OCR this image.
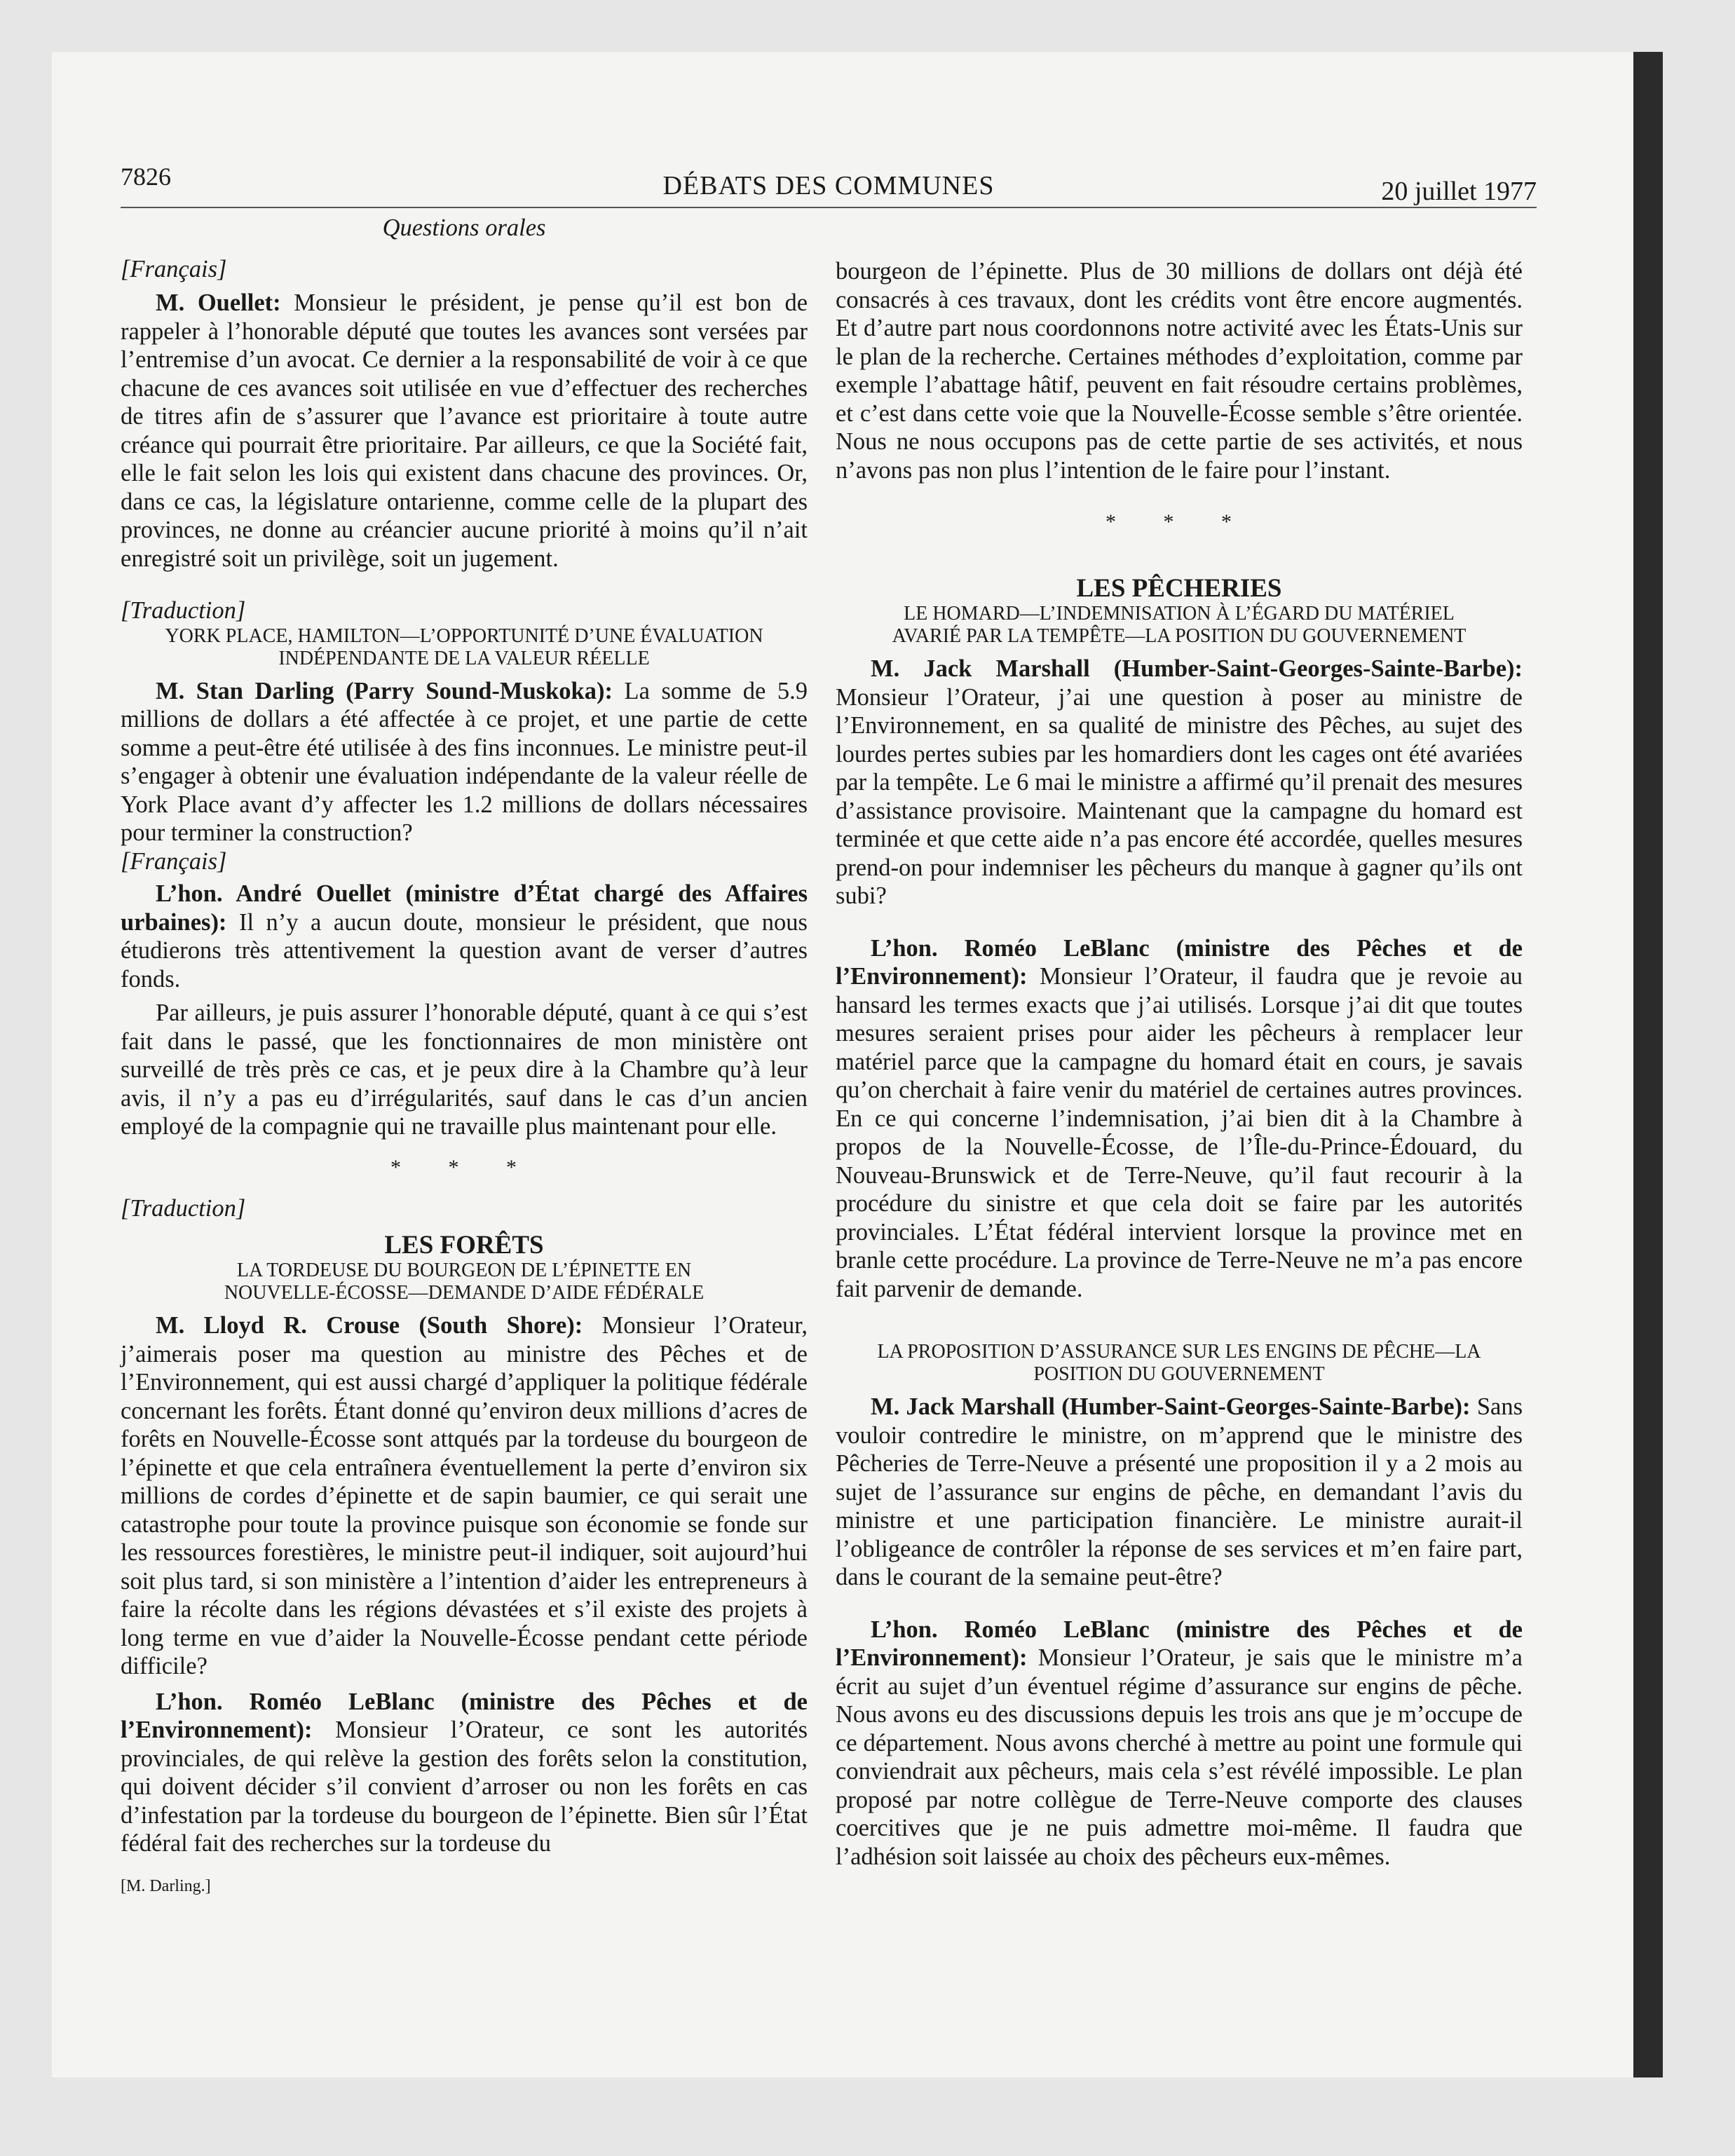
7826	DÉBATS DES COMMUNES	20 juillet 1977

Questions orales

[Français]

M. Ouellet: Monsieur le président, je pense qu’il est bon de rappeler à l’honorable député que toutes les avances sont versées par l’entremise d’un avocat. Ce dernier a la responsabilité de voir à ce que chacune de ces avances soit utilisée en vue d’effectuer des recherches de titres afin de s’assurer que l’avance est prioritaire à toute autre créance qui pourrait être prioritaire. Par ailleurs, ce que la Société fait, elle le fait selon les lois qui existent dans chacune des provinces. Or, dans ce cas, la législature ontarienne, comme celle de la plupart des provinces, ne donne au créancier aucune priorité à moins qu’il n’ait enregistré soit un privilège, soit un jugement.

[Traduction]

YORK PLACE, HAMILTON—L’OPPORTUNITÉ D’UNE ÉVALUATION
INDÉPENDANTE DE LA VALEUR RÉELLE

M. Stan Darling (Parry Sound-Muskoka): La somme de 5.9 millions de dollars a été affectée à ce projet, et une partie de cette somme a peut-être été utilisée à des fins inconnues. Le ministre peut-il s’engager à obtenir une évaluation indépendante de la valeur réelle de York Place avant d’y affecter les 1.2 millions de dollars nécessaires pour terminer la construction?

[Français]

L’hon. André Ouellet (ministre d’État chargé des Affaires urbaines): Il n’y a aucun doute, monsieur le président, que nous étudierons très attentivement la question avant de verser d’autres fonds.

Par ailleurs, je puis assurer l’honorable député, quant à ce qui s’est fait dans le passé, que les fonctionnaires de mon ministère ont surveillé de très près ce cas, et je peux dire à la Chambre qu’à leur avis, il n’y a pas eu d’irrégularités, sauf dans le cas d’un ancien employé de la compagnie qui ne travaille plus maintenant pour elle.

* * *

[Traduction]

LES FORÊTS

LA TORDEUSE DU BOURGEON DE L’ÉPINETTE EN
NOUVELLE-ÉCOSSE—DEMANDE D’AIDE FÉDÉRALE

M. Lloyd R. Crouse (South Shore): Monsieur l’Orateur, j’aimerais poser ma question au ministre des Pêches et de l’Environnement, qui est aussi chargé d’appliquer la politique fédérale concernant les forêts. Étant donné qu’environ deux millions d’acres de forêts en Nouvelle-Écosse sont attqués par la tordeuse du bourgeon de l’épinette et que cela entraînera éventuellement la perte d’environ six millions de cordes d’épinette et de sapin baumier, ce qui serait une catastrophe pour toute la province puisque son économie se fonde sur les ressources forestières, le ministre peut-il indiquer, soit aujourd’hui soit plus tard, si son ministère a l’intention d’aider les entrepreneurs à faire la récolte dans les régions dévastées et s’il existe des projets à long terme en vue d’aider la Nouvelle-Écosse pendant cette période difficile?

L’hon. Roméo LeBlanc (ministre des Pêches et de l’Environnement): Monsieur l’Orateur, ce sont les autorités provinciales, de qui relève la gestion des forêts selon la constitution, qui doivent décider s’il convient d’arroser ou non les forêts en cas d’infestation par la tordeuse du bourgeon de l’épinette. Bien sûr l’État fédéral fait des recherches sur la tordeuse du

[M. Darling.]

bourgeon de l’épinette. Plus de 30 millions de dollars ont déjà été consacrés à ces travaux, dont les crédits vont être encore augmentés. Et d’autre part nous coordonnons notre activité avec les États-Unis sur le plan de la recherche. Certaines méthodes d’exploitation, comme par exemple l’abattage hâtif, peuvent en fait résoudre certains problèmes, et c’est dans cette voie que la Nouvelle-Écosse semble s’être orientée. Nous ne nous occupons pas de cette partie de ses activités, et nous n’avons pas non plus l’intention de le faire pour l’instant.

* * *

LES PÊCHERIES

LE HOMARD—L’INDEMNISATION À L’ÉGARD DU MATÉRIEL
AVARIÉ PAR LA TEMPÊTE—LA POSITION DU GOUVERNEMENT

M. Jack Marshall (Humber-Saint-Georges-Sainte-Barbe): Monsieur l’Orateur, j’ai une question à poser au ministre de l’Environnement, en sa qualité de ministre des Pêches, au sujet des lourdes pertes subies par les homardiers dont les cages ont été avariées par la tempête. Le 6 mai le ministre a affirmé qu’il prenait des mesures d’assistance provisoire. Maintenant que la campagne du homard est terminée et que cette aide n’a pas encore été accordée, quelles mesures prend-on pour indemniser les pêcheurs du manque à gagner qu’ils ont subi?

L’hon. Roméo LeBlanc (ministre des Pêches et de l’Environnement): Monsieur l’Orateur, il faudra que je revoie au hansard les termes exacts que j’ai utilisés. Lorsque j’ai dit que toutes mesures seraient prises pour aider les pêcheurs à remplacer leur matériel parce que la campagne du homard était en cours, je savais qu’on cherchait à faire venir du matériel de certaines autres provinces. En ce qui concerne l’indemnisation, j’ai bien dit à la Chambre à propos de la Nouvelle-Écosse, de l’Île-du-Prince-Édouard, du Nouveau-Brunswick et de Terre-Neuve, qu’il faut recourir à la procédure du sinistre et que cela doit se faire par les autorités provinciales. L’État fédéral intervient lorsque la province met en branle cette procédure. La province de Terre-Neuve ne m’a pas encore fait parvenir de demande.

LA PROPOSITION D’ASSURANCE SUR LES ENGINS DE PÊCHE—LA
POSITION DU GOUVERNEMENT

M. Jack Marshall (Humber-Saint-Georges-Sainte-Barbe): Sans vouloir contredire le ministre, on m’apprend que le ministre des Pêcheries de Terre-Neuve a présenté une proposition il y a 2 mois au sujet de l’assurance sur engins de pêche, en demandant l’avis du ministre et une participation financière. Le ministre aurait-il l’obligeance de contrôler la réponse de ses services et m’en faire part, dans le courant de la semaine peut-être?

L’hon. Roméo LeBlanc (ministre des Pêches et de l’Environnement): Monsieur l’Orateur, je sais que le ministre m’a écrit au sujet d’un éventuel régime d’assurance sur engins de pêche. Nous avons eu des discussions depuis les trois ans que je m’occupe de ce département. Nous avons cherché à mettre au point une formule qui conviendrait aux pêcheurs, mais cela s’est révélé impossible. Le plan proposé par notre collègue de Terre-Neuve comporte des clauses coercitives que je ne puis admettre moi-même. Il faudra que l’adhésion soit laissée au choix des pêcheurs eux-mêmes.
